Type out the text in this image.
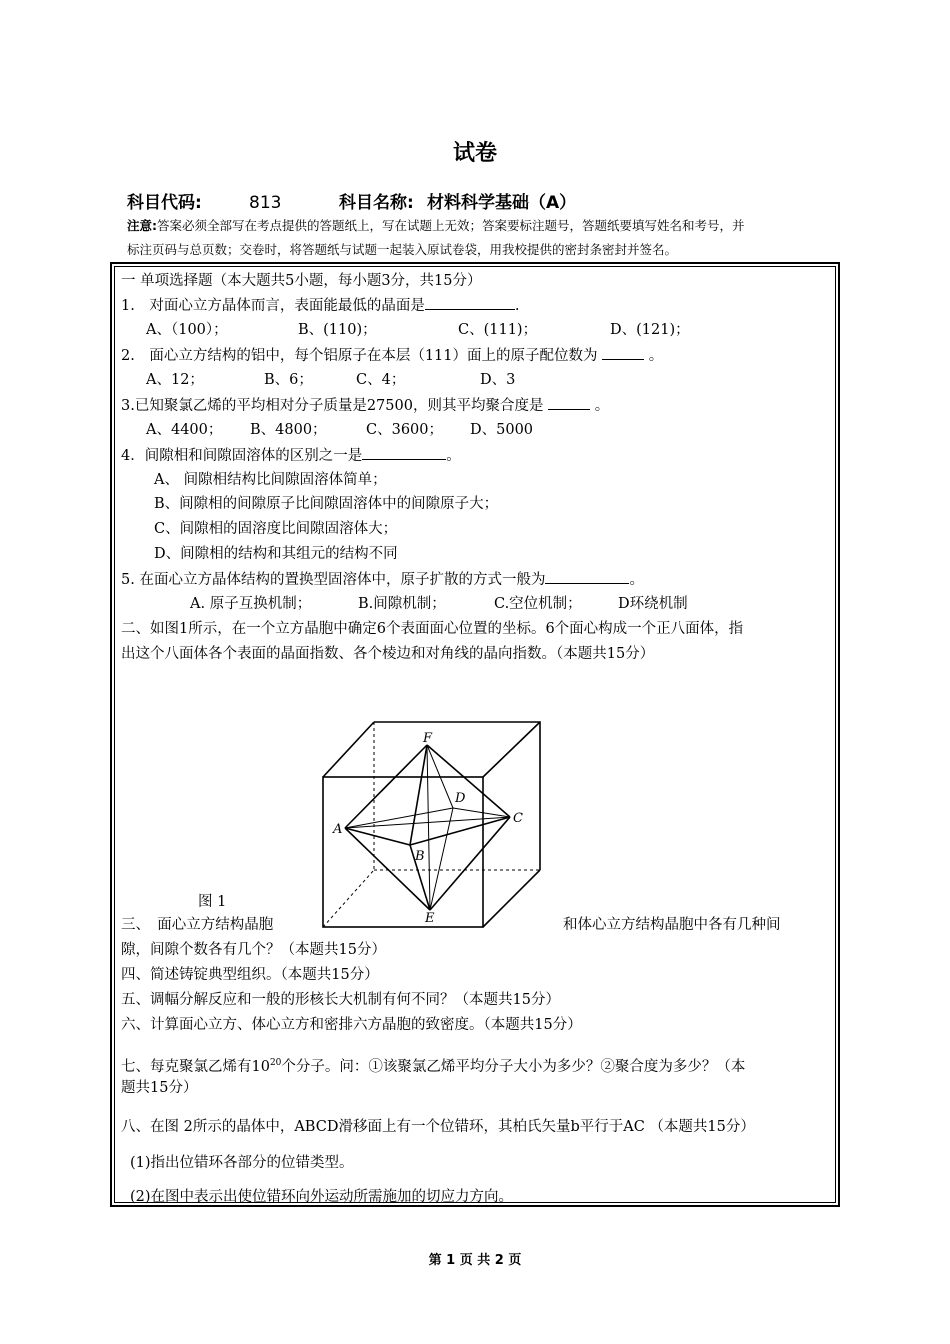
试卷
科目代码:	813	科目名称: 材料科学基础（A）
注意:答案必须全部写在考点提供的答题纸上，写在试题上无效；答案要标注题号，答题纸要填写姓名和考号，并
标注页码与总页数；交卷时，将答题纸与试题一起装入原试卷袋，用我校提供的密封条密封并签名。
一 单项选择题（本大题共5小题，每小题3分，共15分）
1.　对面心立方晶体而言，表面能最低的晶面是	.
A、（100）；	B、(110)；	C、(111)；	D、(121)；
2.　面心立方结构的铝中，每个铝原子在本层（111）面上的原子配位数为	。
A、12；	B、6；	C、4；	D、3
3.已知聚氯乙烯的平均相对分子质量是27500，则其平均聚合度是	。
A、4400； B、4800；	C、3600； D、5000
4．间隙相和间隙固溶体的区别之一是	。
A、 间隙相结构比间隙固溶体简单；
B、间隙相的间隙原子比间隙固溶体中的间隙原子大；
C、间隙相的固溶度比间隙固溶体大；
D、间隙相的结构和其组元的结构不同
5. 在面心立方晶体结构的置换型固溶体中，原子扩散的方式一般为	。
A. 原子互换机制；	B.间隙机制；	C.空位机制；	D环绕机制
二、如图1所示，在一个立方晶胞中确定6个表面面心位置的坐标。6个面心构成一个正八面体，指
出这个八面体各个表面的晶面指数、各个棱边和对角线的晶向指数。（本题共15分）
A
B
C
D
E
F
图 1
三、　面心立方结构晶胞	和体心立方结构晶胞中各有几种间
隙，间隙个数各有几个？（本题共15分）
四、简述铸锭典型组织。（本题共15分）
五、调幅分解反应和一般的形核长大机制有何不同？（本题共15分）
六、计算面心立方、体心立方和密排六方晶胞的致密度。（本题共15分）
七、每克聚氯乙烯有$10^{20}$个分子。问：①该聚氯乙烯平均分子大小为多少？②聚合度为多少？（本
题共15分）
八、在图 2所示的晶体中，ABCD滑移面上有一个位错环，其柏氏矢量b平行于AC （本题共15分）
(1)指出位错环各部分的位错类型。
(2)在图中表示出使位错环向外运动所需施加的切应力方向。
第 1 页 共 2 页
